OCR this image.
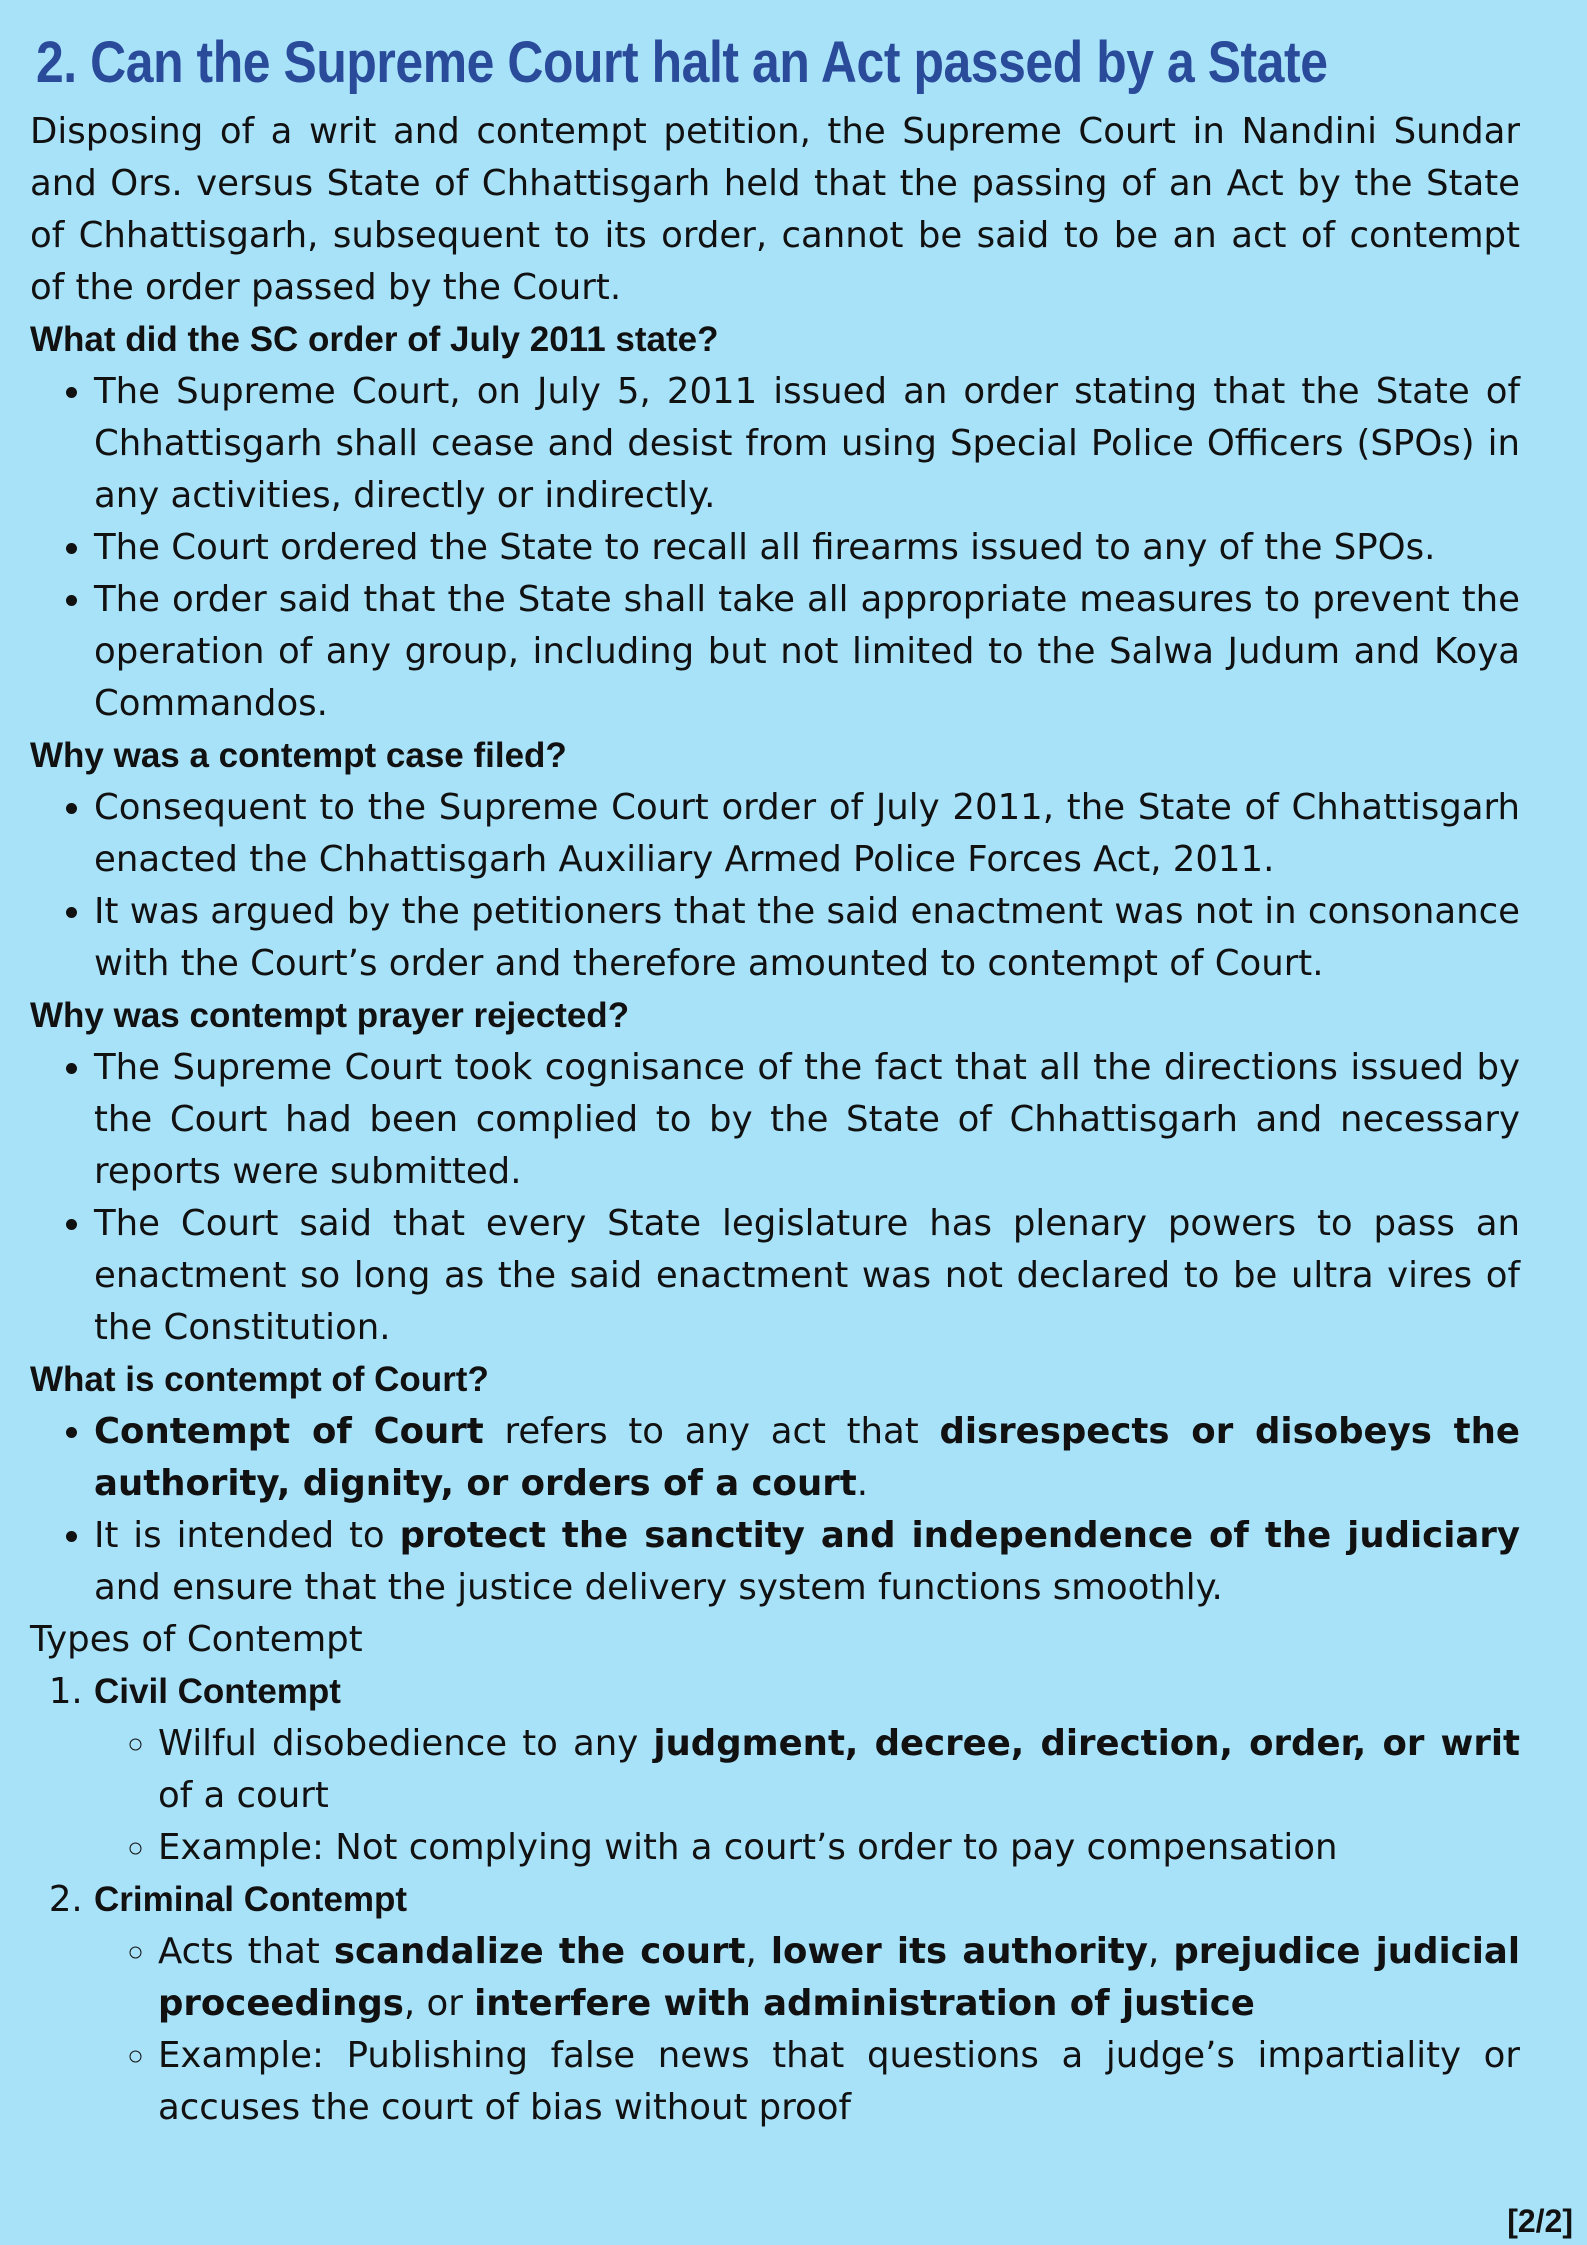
2. Can the Supreme Court halt an Act passed by a State

Disposing of a writ and contempt petition, the Supreme Court in Nandini Sundar and Ors. versus State of Chhattisgarh held that the passing of an Act by the State of Chhattisgarh, subsequent to its order, cannot be said to be an act of contempt of the order passed by the Court.

What did the SC order of July 2011 state?

• The Supreme Court, on July 5, 2011 issued an order stating that the State of Chhattisgarh shall cease and desist from using Special Police Officers (SPOs) in any activities, directly or indirectly.
• The Court ordered the State to recall all firearms issued to any of the SPOs.
• The order said that the State shall take all appropriate measures to prevent the operation of any group, including but not limited to the Salwa Judum and Koya Commandos.

Why was a contempt case filed?

• Consequent to the Supreme Court order of July 2011, the State of Chhattisgarh enacted the Chhattisgarh Auxiliary Armed Police Forces Act, 2011.
• It was argued by the petitioners that the said enactment was not in consonance with the Court’s order and therefore amounted to contempt of Court.

Why was contempt prayer rejected?

• The Supreme Court took cognisance of the fact that all the directions issued by the Court had been complied to by the State of Chhattisgarh and necessary reports were submitted.
• The Court said that every State legislature has plenary powers to pass an enactment so long as the said enactment was not declared to be ultra vires of the Constitution.

What is contempt of Court?

• Contempt of Court refers to any act that disrespects or disobeys the authority, dignity, or orders of a court.
• It is intended to protect the sanctity and independence of the judiciary and ensure that the justice delivery system functions smoothly.

Types of Contempt

1. Civil Contempt
◦ Wilful disobedience to any judgment, decree, direction, order, or writ of a court
◦ Example: Not complying with a court’s order to pay compensation
2. Criminal Contempt
◦ Acts that scandalize the court, lower its authority, prejudice judicial proceedings, or interfere with administration of justice
◦ Example: Publishing false news that questions a judge’s impartiality or accuses the court of bias without proof
[2/2]
